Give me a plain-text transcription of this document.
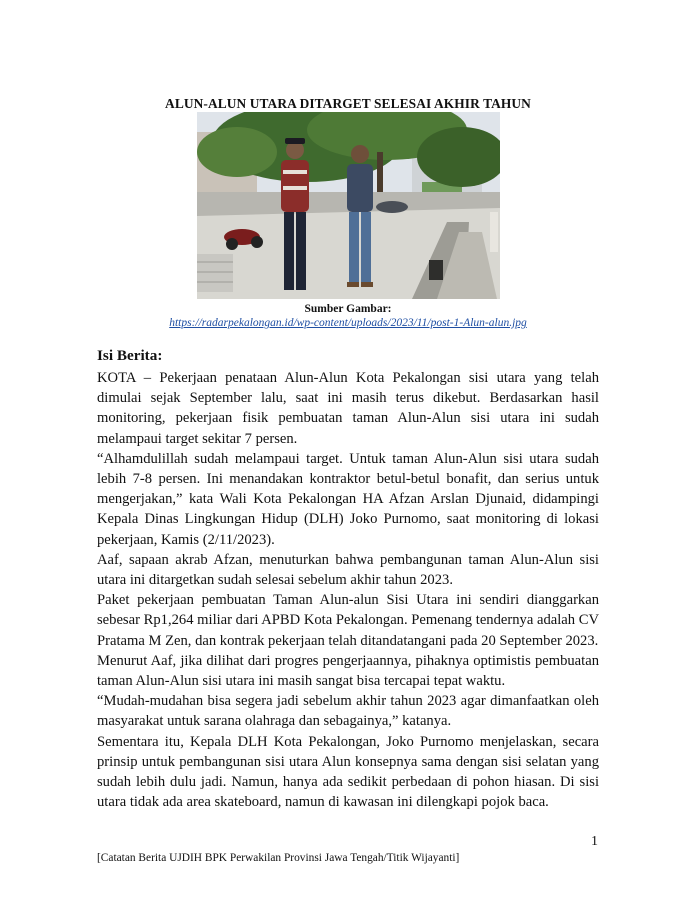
ALUN-ALUN UTARA DITARGET SELESAI AKHIR TAHUN
Sumber Gambar:
https://radarpekalongan.id/wp-content/uploads/2023/11/post-1-Alun-alun.jpg
Isi Berita:

KOTA – Pekerjaan penataan Alun-Alun Kota Pekalongan sisi utara yang telah dimulai sejak September lalu, saat ini masih terus dikebut. Berdasarkan hasil monitoring, pekerjaan fisik pembuatan taman Alun-Alun sisi utara ini sudah melampaui target sekitar 7 persen.

“Alhamdulillah sudah melampaui target. Untuk taman Alun-Alun sisi utara sudah lebih 7-8 persen. Ini menandakan kontraktor betul-betul bonafit, dan serius untuk mengerjakan,” kata Wali Kota Pekalongan HA Afzan Arslan Djunaid, didampingi Kepala Dinas Lingkungan Hidup (DLH) Joko Purnomo, saat monitoring di lokasi pekerjaan, Kamis (2/11/2023).

Aaf, sapaan akrab Afzan, menuturkan bahwa pembangunan taman Alun-Alun sisi utara ini ditargetkan sudah selesai sebelum akhir tahun 2023.

Paket pekerjaan pembuatan Taman Alun-alun Sisi Utara ini sendiri dianggarkan sebesar Rp1,264 miliar dari APBD Kota Pekalongan. Pemenang tendernya adalah CV Pratama M Zen, dan kontrak pekerjaan telah ditandatangani pada 20 September 2023.

Menurut Aaf, jika dilihat dari progres pengerjaannya, pihaknya optimistis pembuatan taman Alun-Alun sisi utara ini masih sangat bisa tercapai tepat waktu.

“Mudah-mudahan bisa segera jadi sebelum akhir tahun 2023 agar dimanfaatkan oleh masyarakat untuk sarana olahraga dan sebagainya,” katanya.

Sementara itu, Kepala DLH Kota Pekalongan, Joko Purnomo menjelaskan, secara prinsip untuk pembangunan sisi utara Alun konsepnya sama dengan sisi selatan yang sudah lebih dulu jadi. Namun, hanya ada sedikit perbedaan di pohon hiasan. Di sisi utara tidak ada area skateboard, namun di kawasan ini dilengkapi pojok baca.

1
[Catatan Berita UJDIH BPK Perwakilan Provinsi Jawa Tengah/Titik Wijayanti]
